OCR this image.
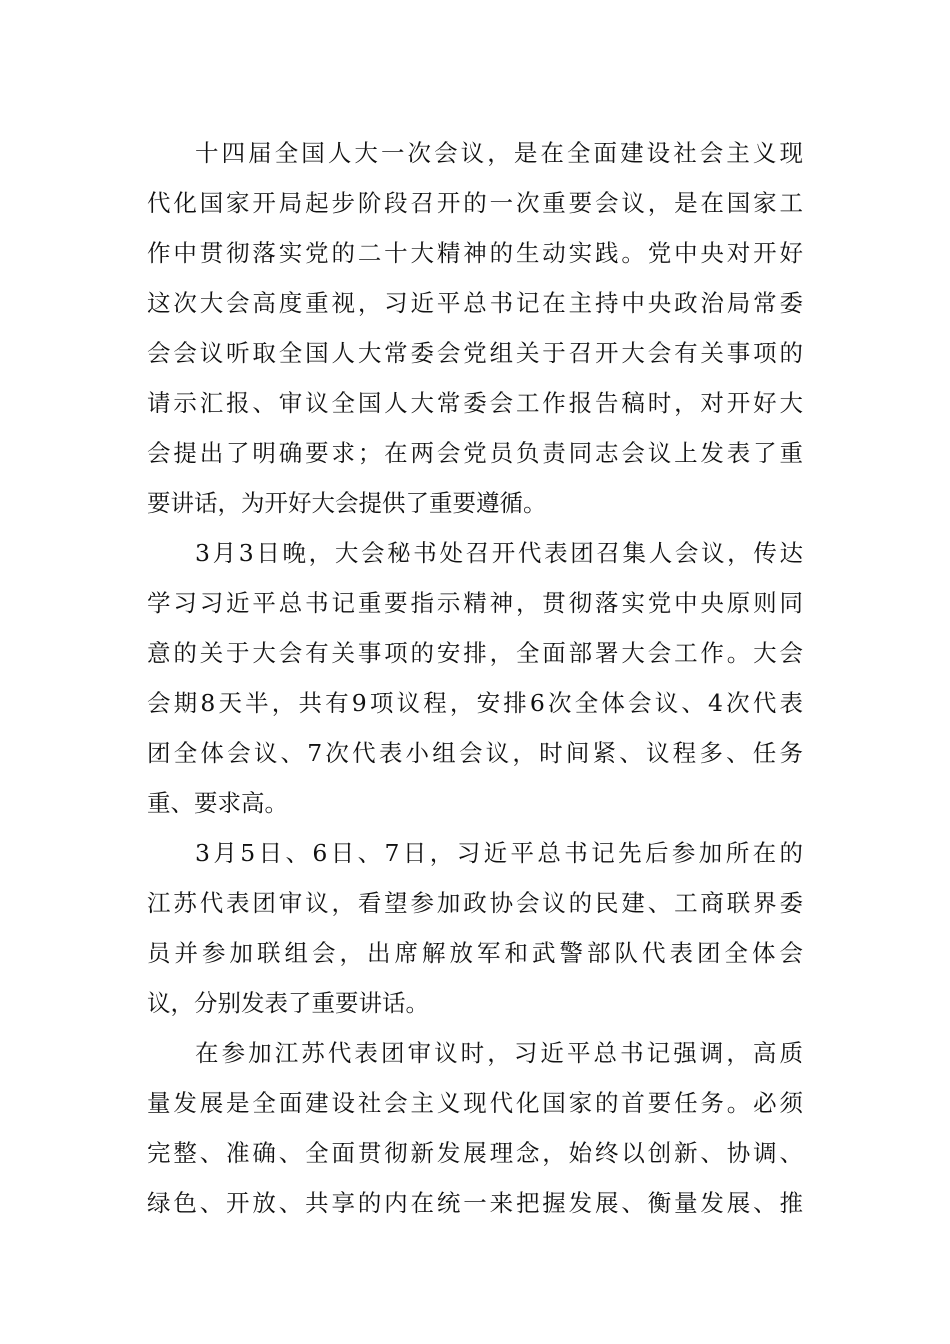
十四届全国人大一次会议，是在全面建设社会主义现
代化国家开局起步阶段召开的一次重要会议，是在国家工
作中贯彻落实党的二十大精神的生动实践。党中央对开好
这次大会高度重视，习近平总书记在主持中央政治局常委
会会议听取全国人大常委会党组关于召开大会有关事项的
请示汇报、审议全国人大常委会工作报告稿时，对开好大
会提出了明确要求；在两会党员负责同志会议上发表了重
要讲话，为开好大会提供了重要遵循。
3月3日晚，大会秘书处召开代表团召集人会议，传达
学习习近平总书记重要指示精神，贯彻落实党中央原则同
意的关于大会有关事项的安排，全面部署大会工作。大会
会期8天半，共有9项议程，安排6次全体会议、4次代表
团全体会议、7次代表小组会议，时间紧、议程多、任务
重、要求高。
3月5日、6日、7日，习近平总书记先后参加所在的
江苏代表团审议，看望参加政协会议的民建、工商联界委
员并参加联组会，出席解放军和武警部队代表团全体会
议，分别发表了重要讲话。
在参加江苏代表团审议时，习近平总书记强调，高质
量发展是全面建设社会主义现代化国家的首要任务。必须
完整、准确、全面贯彻新发展理念，始终以创新、协调、
绿色、开放、共享的内在统一来把握发展、衡量发展、推
